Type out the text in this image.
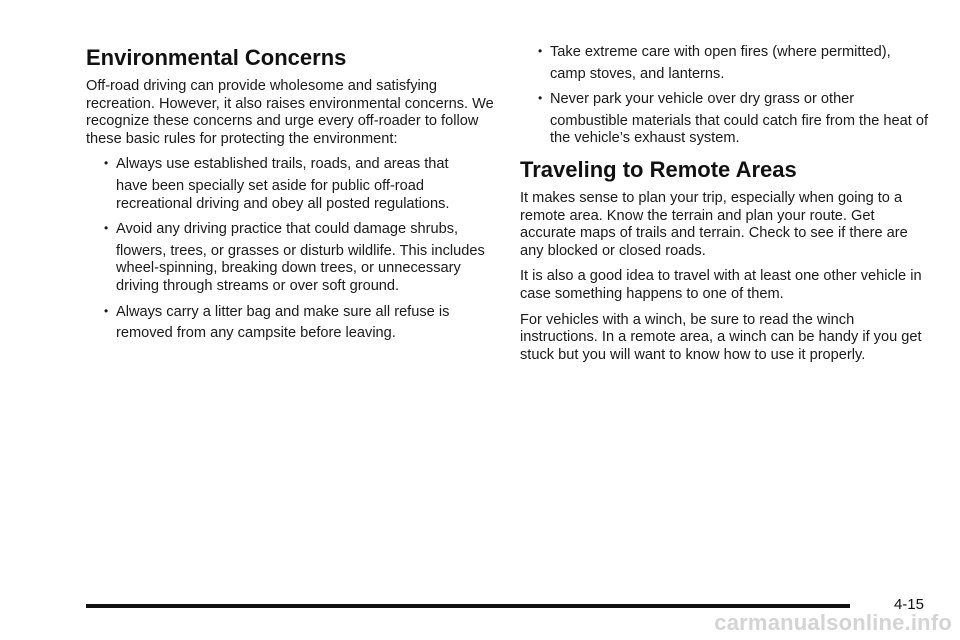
Environmental Concerns

Off-road driving can provide wholesome and satisfying recreation. However, it also raises environmental concerns. We recognize these concerns and urge every off-roader to follow these basic rules for protecting the environment:

• Always use established trails, roads, and areas that
have been specially set aside for public off-road recreational driving and obey all posted regulations.
• Avoid any driving practice that could damage shrubs,
flowers, trees, or grasses or disturb wildlife. This includes wheel-spinning, breaking down trees, or unnecessary driving through streams or over soft ground.
• Always carry a litter bag and make sure all refuse is
removed from any campsite before leaving.
• Take extreme care with open fires (where permitted),
camp stoves, and lanterns.
• Never park your vehicle over dry grass or other
combustible materials that could catch fire from the heat of the vehicle’s exhaust system.
Traveling to Remote Areas

It makes sense to plan your trip, especially when going to a remote area. Know the terrain and plan your route. Get accurate maps of trails and terrain. Check to see if there are any blocked or closed roads.

It is also a good idea to travel with at least one other vehicle in case something happens to one of them.

For vehicles with a winch, be sure to read the winch instructions. In a remote area, a winch can be handy if you get stuck but you will want to know how to use it properly.

4-15
carmanualsonline.info
